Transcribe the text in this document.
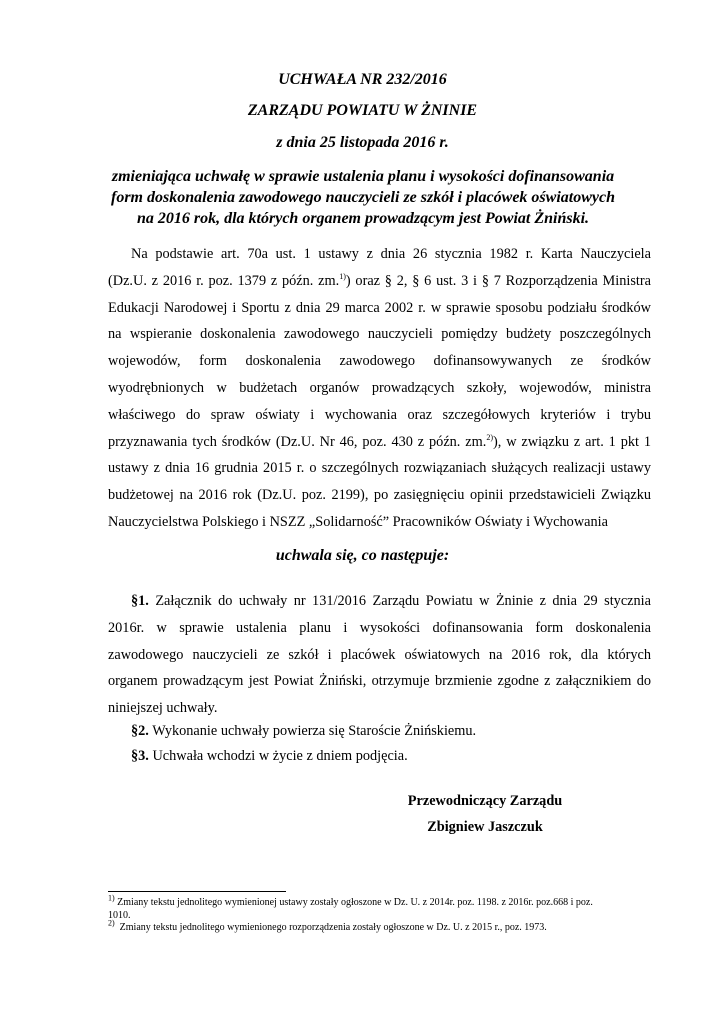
UCHWAŁA NR 232/2016
ZARZĄDU POWIATU W ŻNINIE
z dnia 25 listopada 2016 r.
zmieniająca uchwałę w sprawie ustalenia planu i wysokości dofinansowania
form doskonalenia zawodowego nauczycieli ze szkół i placówek oświatowych
na 2016 rok, dla których organem prowadzącym jest Powiat Żniński.
Na podstawie art. 70a ust. 1 ustawy z dnia 26 stycznia 1982 r. Karta Nauczyciela
(Dz.U. z 2016 r. poz. 1379 z późn. zm.$^{1)}$) oraz § 2, § 6 ust. 3 i § 7 Rozporządzenia Ministra
Edukacji Narodowej i Sportu z dnia 29 marca 2002 r. w sprawie sposobu podziału środków
na wspieranie doskonalenia zawodowego nauczycieli pomiędzy budżety poszczególnych
wojewodów, form doskonalenia zawodowego dofinansowywanych ze środków
wyodrębnionych w budżetach organów prowadzących szkoły, wojewodów, ministra
właściwego do spraw oświaty i wychowania oraz szczegółowych kryteriów i trybu
przyznawania tych środków (Dz.U. Nr 46, poz. 430 z późn. zm.$^{2)}$), w związku z art. 1 pkt 1
ustawy z dnia 16 grudnia 2015 r. o szczególnych rozwiązaniach służących realizacji ustawy
budżetowej na 2016 rok (Dz.U. poz. 2199), po zasięgnięciu opinii przedstawicieli Związku
Nauczycielstwa Polskiego i NSZZ „Solidarność” Pracowników Oświaty i Wychowania
uchwala się, co następuje:
§1. Załącznik do uchwały nr 131/2016 Zarządu Powiatu w Żninie z dnia 29 stycznia
2016r. w sprawie ustalenia planu i wysokości dofinansowania form doskonalenia
zawodowego nauczycieli ze szkół i placówek oświatowych na 2016 rok, dla których
organem prowadzącym jest Powiat Żniński, otrzymuje brzmienie zgodne z załącznikiem do
niniejszej uchwały.
§2. Wykonanie uchwały powierza się Staroście Żnińskiemu.
§3. Uchwała wchodzi w życie z dniem podjęcia.
Przewodniczący Zarządu
Zbigniew Jaszczuk
$^{1)}$ Zmiany tekstu jednolitego wymienionej ustawy zostały ogłoszone w Dz. U. z 2014r. poz. 1198. z 2016r. poz.668 i poz.
1010.
$^{2)}$ Zmiany tekstu jednolitego wymienionego rozporządzenia zostały ogłoszone w Dz. U. z 2015 r., poz. 1973.
